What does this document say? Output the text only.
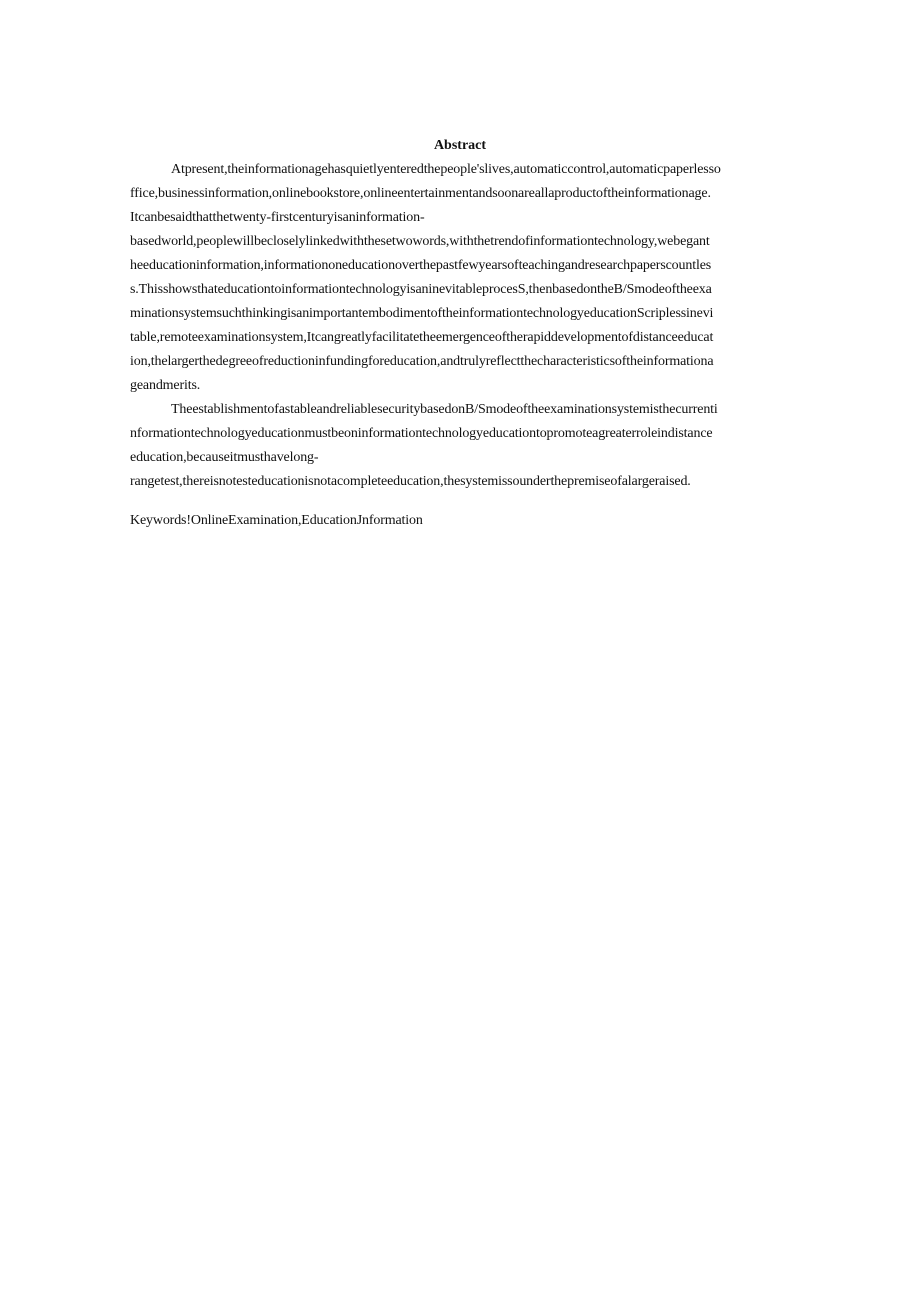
Abstract
Atpresent,theinformationagehasquietlyenteredthepeople'slives,automaticcontrol,automaticpaperlesso
ffice,businessinformation,onlinebookstore,onlineentertainmentandsoonareallaproductoftheinformationage.
Itcanbesaidthatthetwenty-firstcenturyisaninformation-
basedworld,peoplewillbecloselylinkedwiththesetwowords,withthetrendofinformationtechnology,webegant
heeducationinformation,informationoneducationoverthepastfewyearsofteachingandresearchpaperscountles
s.ThisshowsthateducationtoinformationtechnologyisaninevitableprocesS,thenbasedontheB/Smodeoftheexa
minationsystemsuchthinkingisanimportantembodimentoftheinformationtechnologyeducationScriplessinevi
table,remoteexaminationsystem,Itcangreatlyfacilitatetheemergenceoftherapiddevelopmentofdistanceeducat
ion,thelargerthedegreeofreductioninfundingforeducation,andtrulyreflectthecharacteristicsoftheinformationa
geandmerits.
TheestablishmentofastableandreliablesecuritybasedonB/Smodeoftheexaminationsystemisthecurrenti
nformationtechnologyeducationmustbeoninformationtechnologyeducationtopromoteagreaterroleindistance
education,becauseitmusthavelong-
rangetest,thereisnotesteducationisnotacompleteeducation,thesystemissounderthepremiseofalargeraised.
Keywords!OnlineExamination,EducationJnformation
